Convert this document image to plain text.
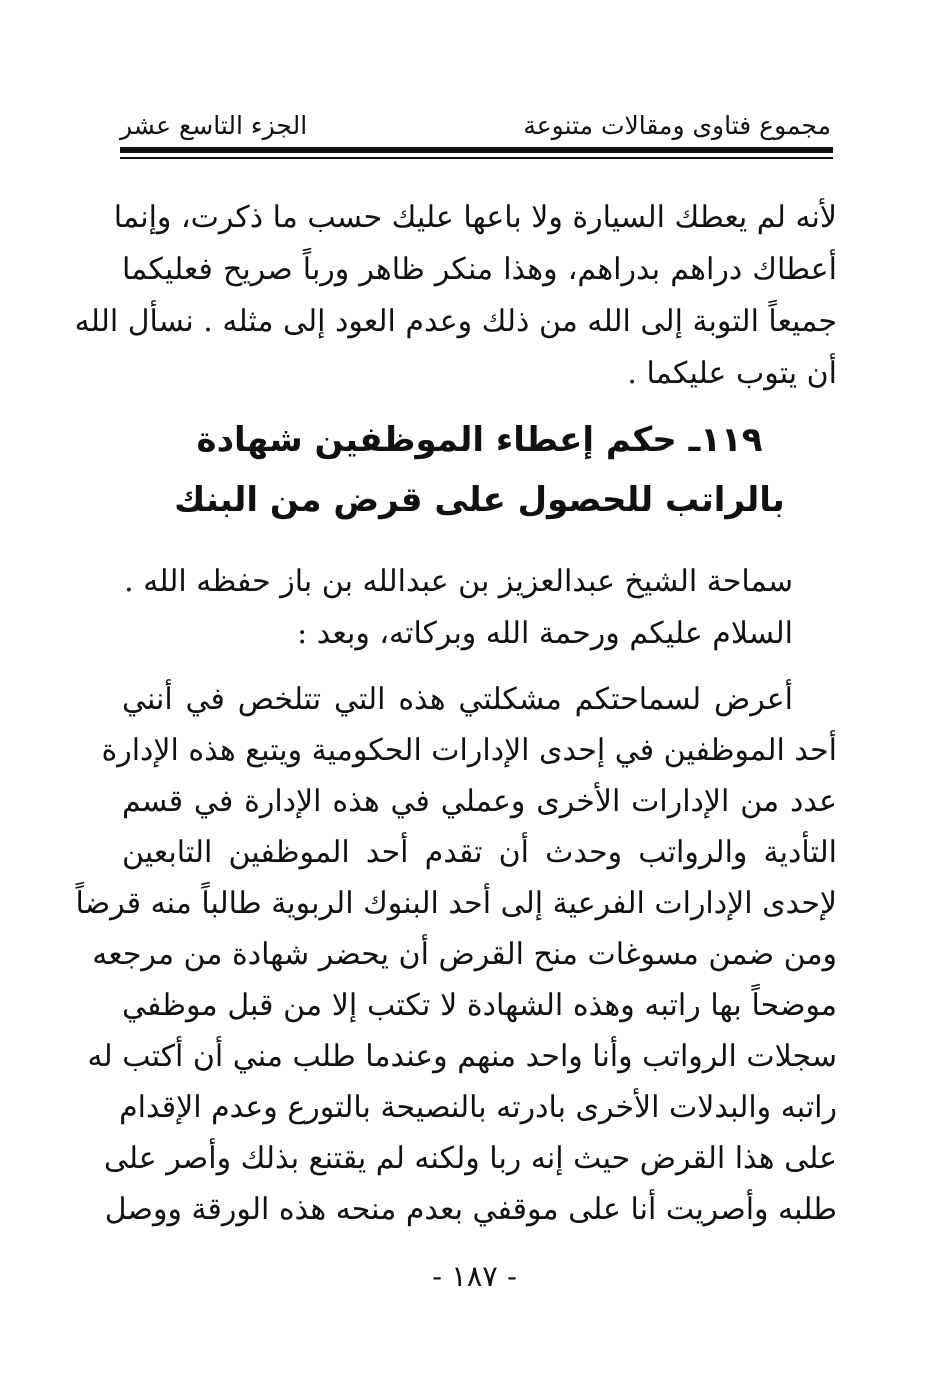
مجموع فتاوى ومقالات متنوعة
الجزء التاسع عشر
لأنه لم يعطك السيارة ولا باعها عليك حسب ما ذكرت، وإنما
أعطاك دراهم بدراهم، وهذا منكر ظاهر ورباً صريح فعليكما
جميعاً التوبة إلى الله من ذلك وعدم العود إلى مثله . نسأل الله
أن يتوب عليكما .
١١٩ـ حكم إعطاء الموظفين شهادة
بالراتب للحصول على قرض من البنك
سماحة الشيخ عبدالعزيز بن عبدالله بن باز حفظه الله .
السلام عليكم ورحمة الله وبركاته، وبعد :
أعرض لسماحتكم مشكلتي هذه التي تتلخص في أنني
أحد الموظفين في إحدى الإدارات الحكومية ويتبع هذه الإدارة
عدد من الإدارات الأخرى وعملي في هذه الإدارة في قسم
التأدية والرواتب وحدث أن تقدم أحد الموظفين التابعين
لإحدى الإدارات الفرعية إلى أحد البنوك الربوية طالباً منه قرضاً
ومن ضمن مسوغات منح القرض أن يحضر شهادة من مرجعه
موضحاً بها راتبه وهذه الشهادة لا تكتب إلا من قبل موظفي
سجلات الرواتب وأنا واحد منهم وعندما طلب مني أن أكتب له
راتبه والبدلات الأخرى بادرته بالنصيحة بالتورع وعدم الإقدام
على هذا القرض حيث إنه ربا ولكنه لم يقتنع بذلك وأصر على
طلبه وأصريت أنا على موقفي بعدم منحه هذه الورقة ووصل
- ١٨٧ -
